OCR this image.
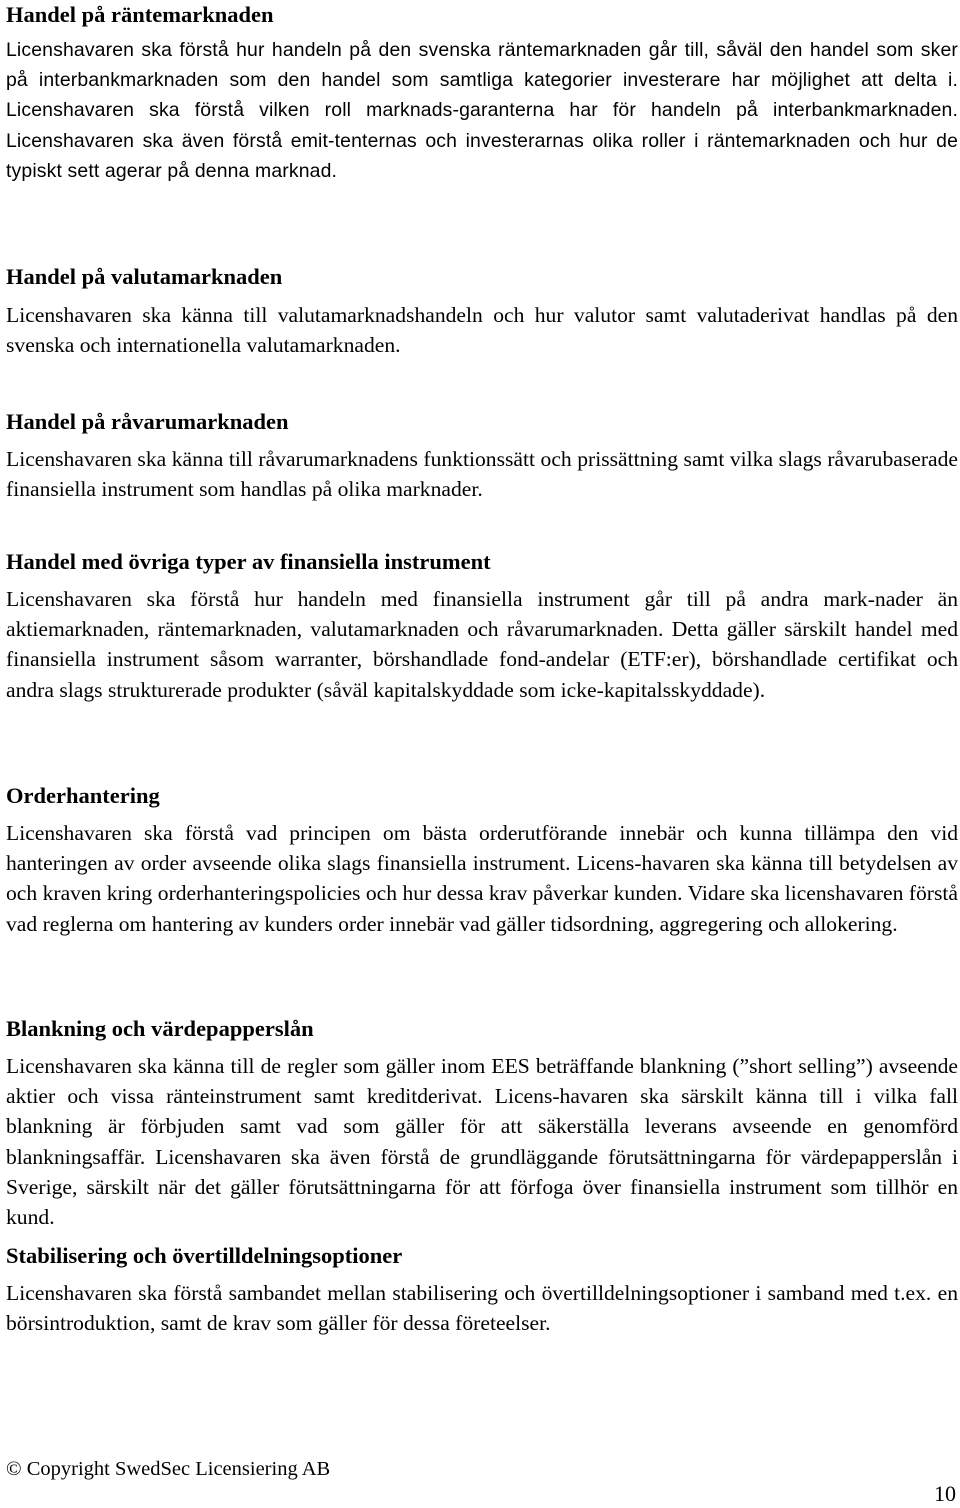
Handel på räntemarknaden

Licenshavaren ska förstå hur handeln på den svenska räntemarknaden går till, såväl den handel som sker på interbankmarknaden som den handel som samtliga kategorier investerare har möjlighet att delta i. Licenshavaren ska förstå vilken roll marknads-garanterna har för handeln på interbankmarknaden. Licenshavaren ska även förstå emit-tenternas och investerarnas olika roller i räntemarknaden och hur de typiskt sett agerar på denna marknad.

Handel på valutamarknaden

Licenshavaren ska känna till valutamarknadshandeln och hur valutor samt valutaderivat handlas på den svenska och internationella valutamarknaden.

Handel på råvarumarknaden

Licenshavaren ska känna till råvarumarknadens funktionssätt och prissättning samt vilka slags råvarubaserade finansiella instrument som handlas på olika marknader.

Handel med övriga typer av finansiella instrument

Licenshavaren ska förstå hur handeln med finansiella instrument går till på andra mark-nader än aktiemarknaden, räntemarknaden, valutamarknaden och råvarumarknaden. Detta gäller särskilt handel med finansiella instrument såsom warranter, börshandlade fond-andelar (ETF:er), börshandlade certifikat och andra slags strukturerade produkter (såväl kapitalskyddade som icke-kapitalsskyddade).

Orderhantering

Licenshavaren ska förstå vad principen om bästa orderutförande innebär och kunna tillämpa den vid hanteringen av order avseende olika slags finansiella instrument. Licens-havaren ska känna till betydelsen av och kraven kring orderhanteringspolicies och hur dessa krav påverkar kunden. Vidare ska licenshavaren förstå vad reglerna om hantering av kunders order innebär vad gäller tidsordning, aggregering och allokering.

Blankning och värdepapperslån

Licenshavaren ska känna till de regler som gäller inom EES beträffande blankning (”short selling”) avseende aktier och vissa ränteinstrument samt kreditderivat. Licens-havaren ska särskilt känna till i vilka fall blankning är förbjuden samt vad som gäller för att säkerställa leverans avseende en genomförd blankningsaffär. Licenshavaren ska även förstå de grundläggande förutsättningarna för värdepapperslån i Sverige, särskilt när det gäller förutsättningarna för att förfoga över finansiella instrument som tillhör en kund.

Stabilisering och övertilldelningsoptioner

Licenshavaren ska förstå sambandet mellan stabilisering och övertilldelningsoptioner i samband med t.ex. en börsintroduktion, samt de krav som gäller för dessa företeelser.

© Copyright SwedSec Licensiering AB
10
